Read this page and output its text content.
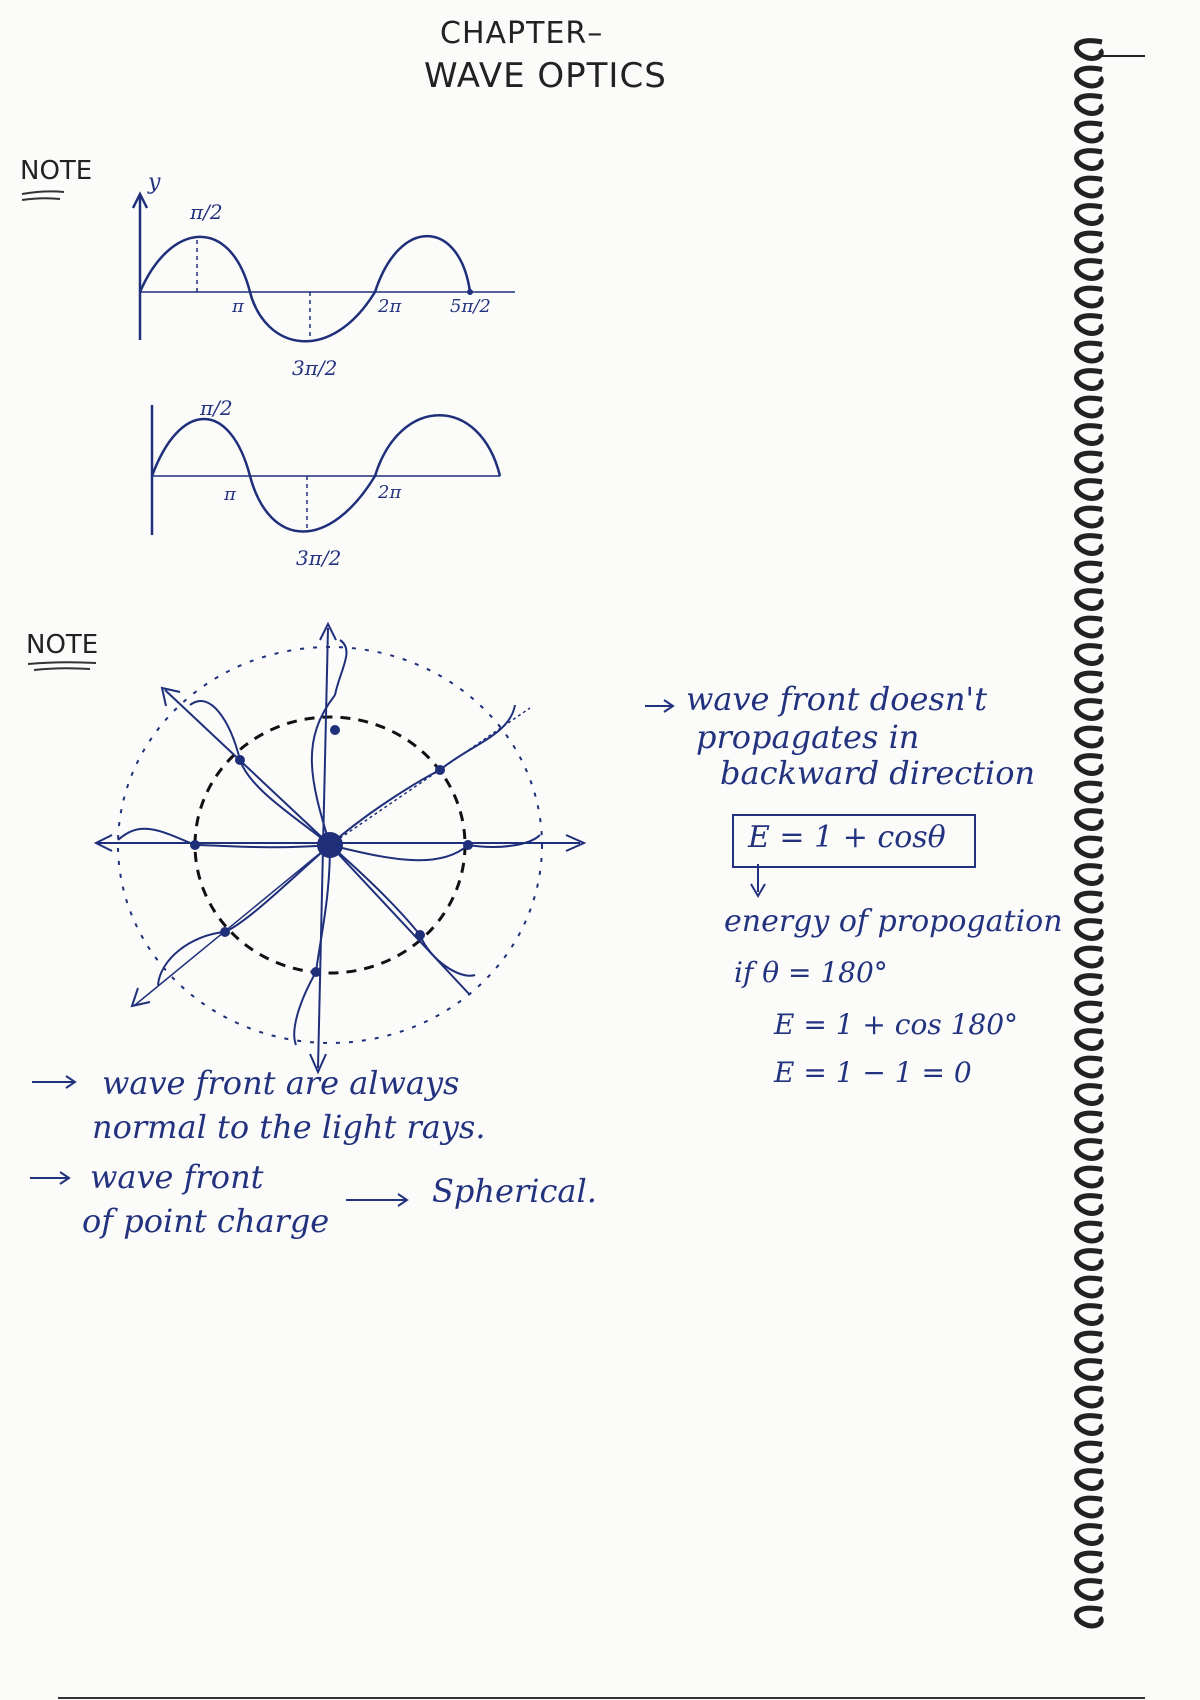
CHAPTER–
WAVE OPTICS
NOTE
NOTE
y
π/2
π
3π/2
2π	5π/2
π/2
π
3π/2
2π
wave front doesn't
propagates in
backward direction
E = 1 + cosθ
energy of propogation
if θ = 180°
E = 1 + cos 180°
E = 1 − 1 = 0
wave front are always
normal to the light rays.
wave front
of point charge
Spherical.
